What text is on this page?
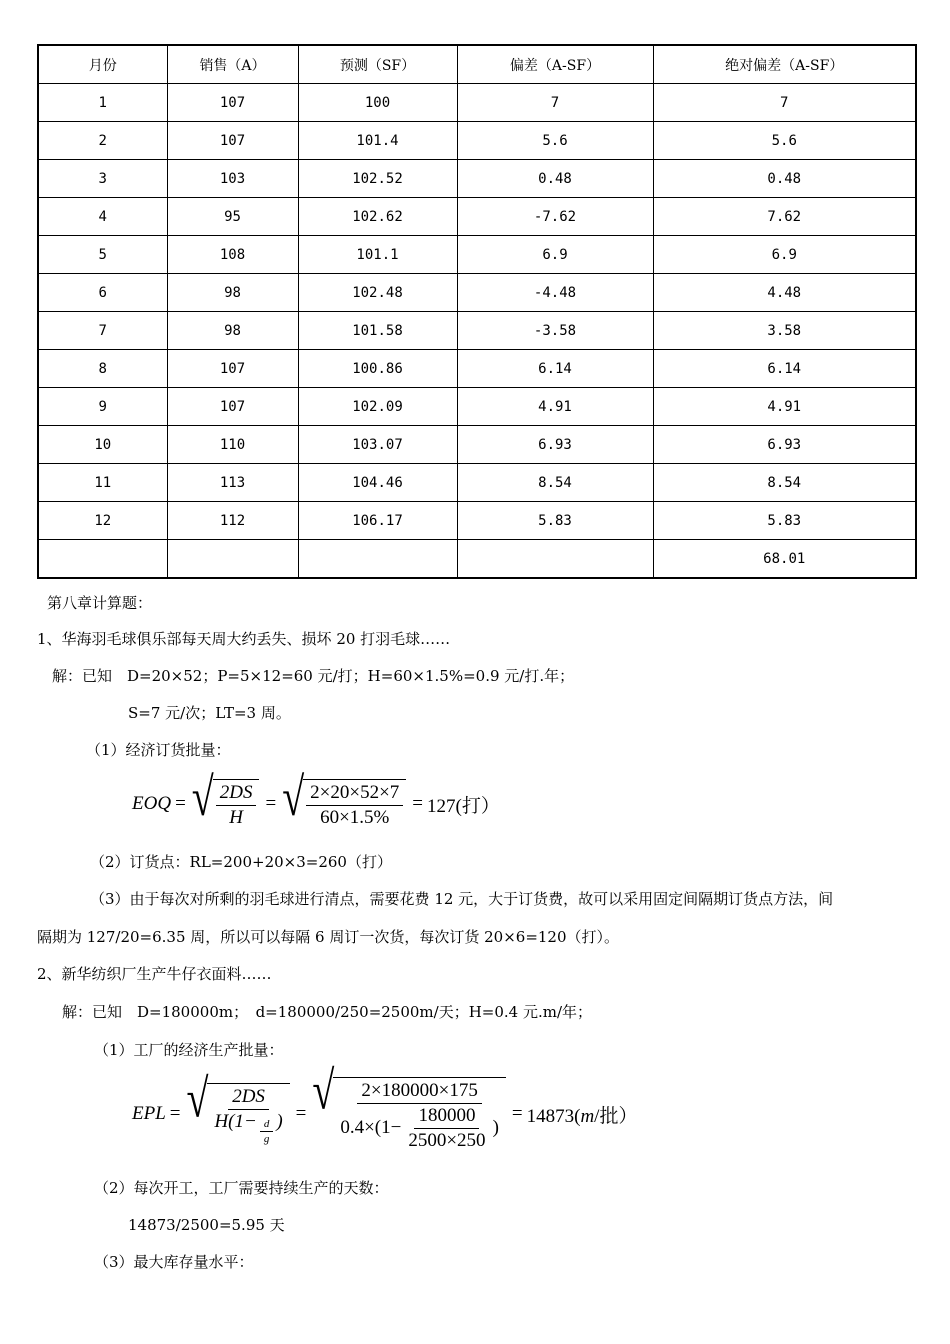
月份	销售（A）	预测（SF）	偏差（A-SF）	绝对偏差（A-SF）
1	107	100	7	7
2	107	101.4	5.6	5.6
3	103	102.52	0.48	0.48
4	95	102.62	-7.62	7.62
5	108	101.1	6.9	6.9
6	98	102.48	-4.48	4.48
7	98	101.58	-3.58	3.58
8	107	100.86	6.14	6.14
9	107	102.09	4.91	4.91
10	110	103.07	6.93	6.93
11	113	104.46	8.54	8.54
12	112	106.17	5.83	5.83
				68.01
第八章计算题：
1、华海羽毛球俱乐部每天周大约丢失、损坏 20 打羽毛球……
解：已知　D=20×52；P=5×12=60 元/打；H=60×1.5%=0.9 元/打.年；
S=7 元/次；LT=3 周。
（1）经济订货批量：
EOQ = √ $\frac{2DS}{H}$ = √ $\frac{2\times 20\times 52\times 7}{60\times 1.5\%} = 127$(打）
（2）订货点：RL=200+20×3=260（打）
（3）由于每次对所剩的羽毛球进行清点，需要花费 12 元，大于订货费，故可以采用固定间隔期订货点方法，间
隔期为 127/20=6.35 周，所以可以每隔 6 周订一次货，每次订货 20×6=120（打）。
2、新华纺织厂生产牛仔衣面料……
解：已知　D=180000m；　d=180000/250=2500m/天；H=0.4 元.m/年；
（1）工厂的经济生产批量：
EPL = √ $\frac{2DS}{H(1- \frac{d}{g} )}$ = √ $\frac{2\times 180000\times 175}{0.4\times(1- \frac{180000}{2500\times 250} )} = 14873(m/$批）
（2）每次开工，工厂需要持续生产的天数：
14873/2500=5.95 天
（3）最大库存量水平：
